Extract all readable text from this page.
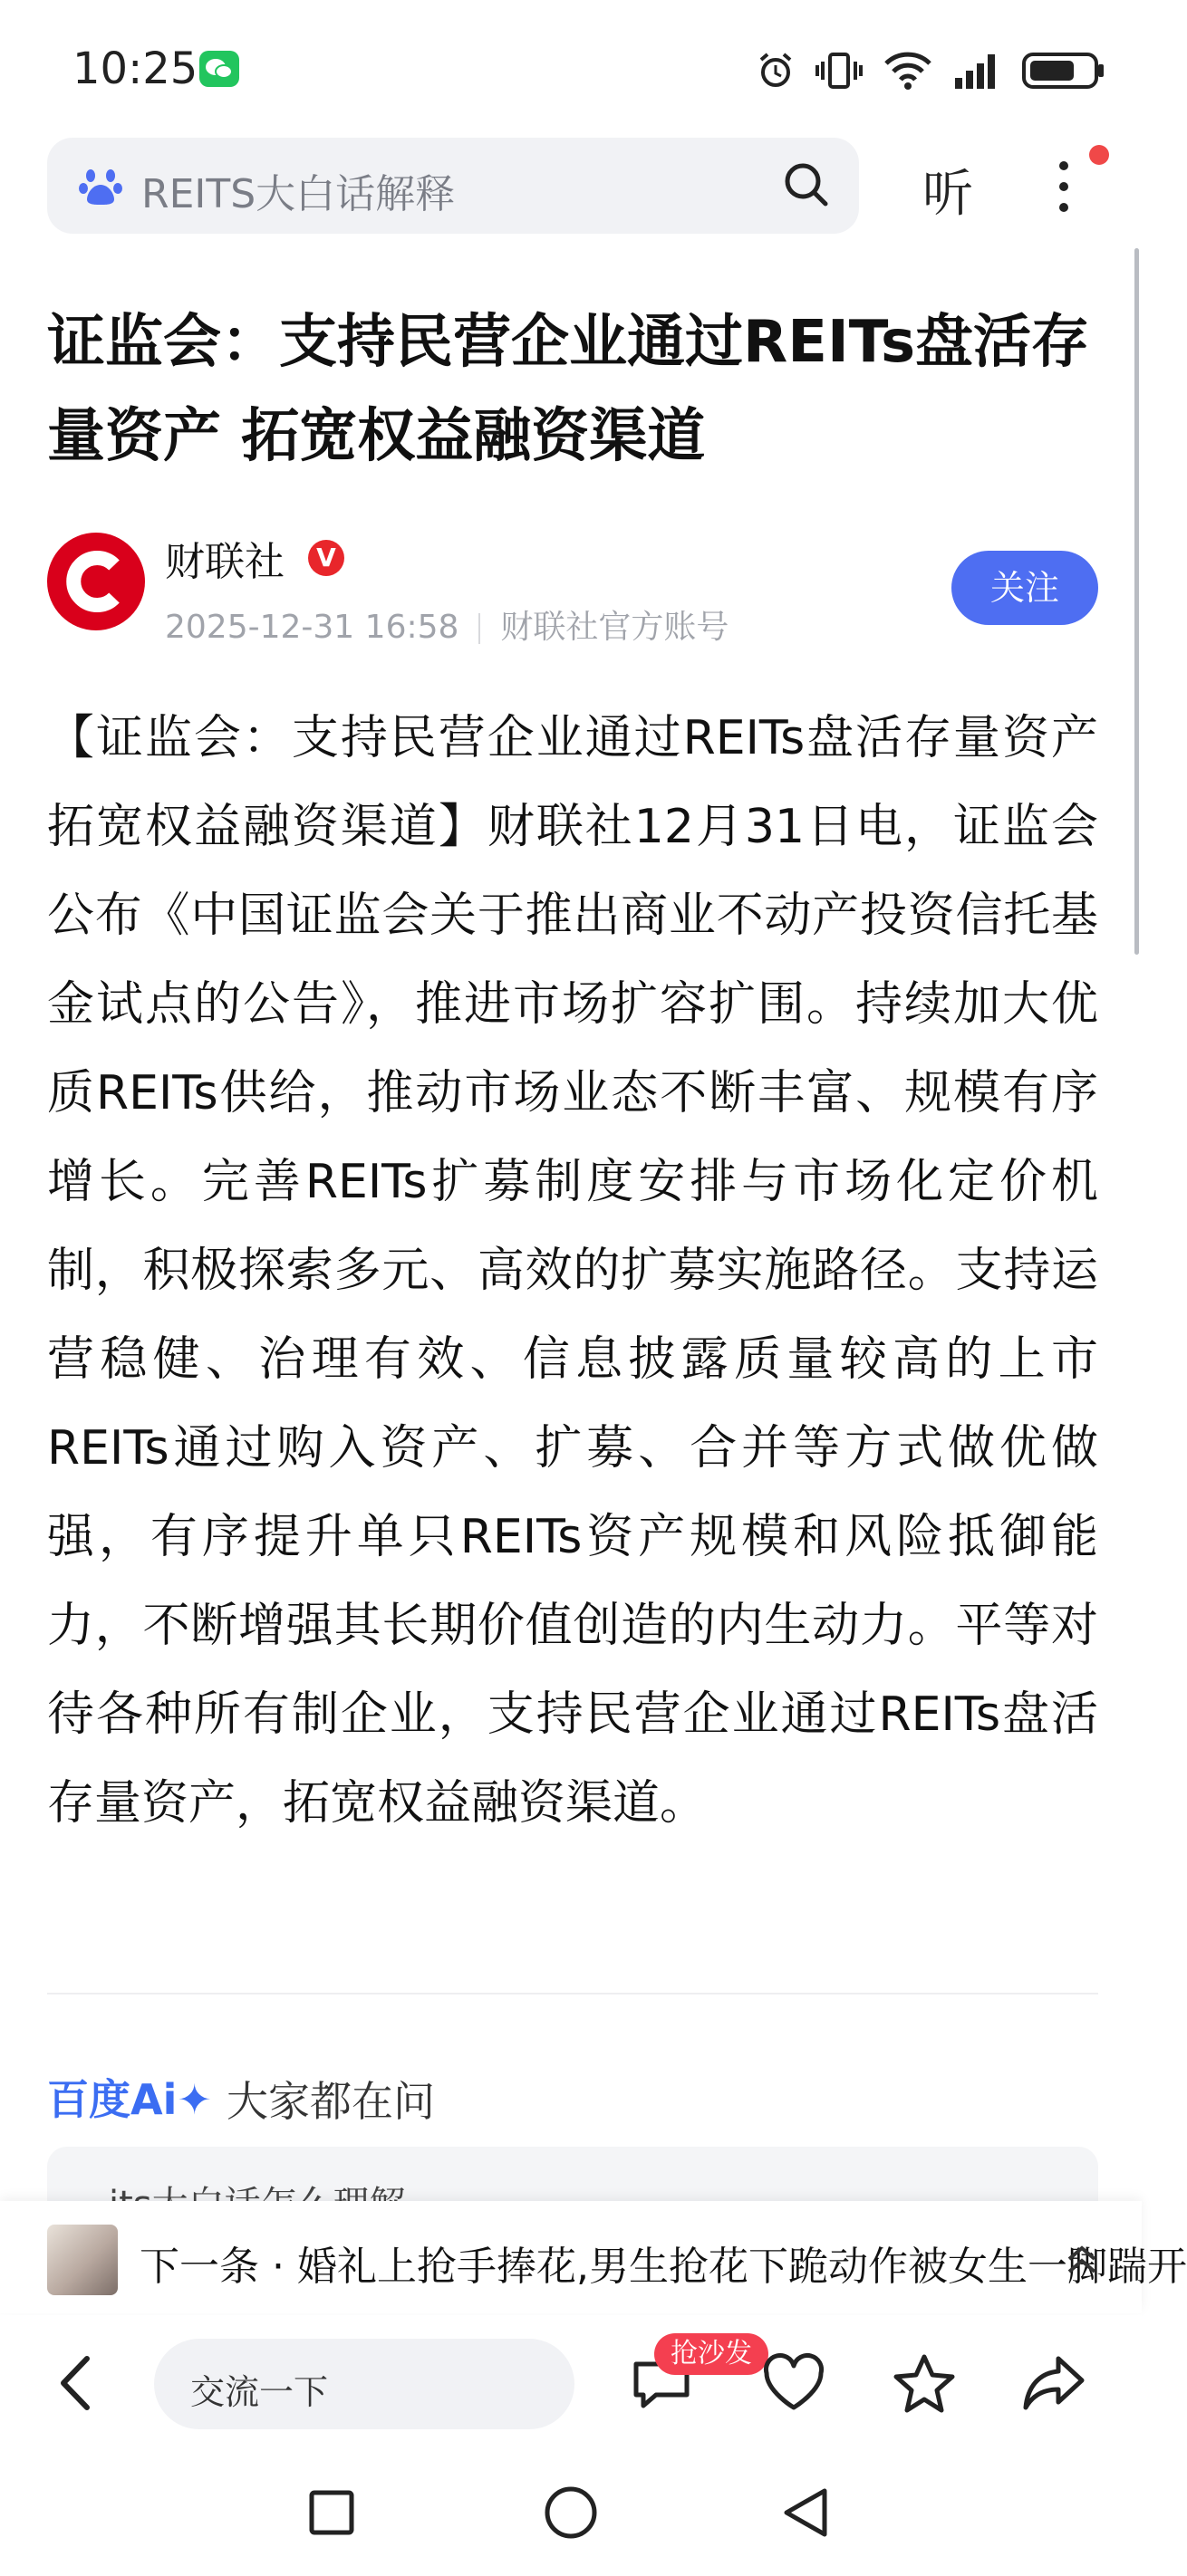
10:25
REITS大白话解释	听
证监会：支持民营企业通过REITs盘活存量资产 拓宽权益融资渠道
财联社	V
2025-12-31 16:58 财联社官方账号
关注
【证监会：支持民营企业通过REITs盘活存量资产 拓宽权益融资渠道】财联社12月31日电，证监会公布《中国证监会关于推出商业不动产投资信托基金试点的公告》，推进市场扩容扩围。持续加大优质REITs供给，推动市场业态不断丰富、规模有序增长。完善REITs扩募制度安排与市场化定价机制，积极探索多元、高效的扩募实施路径。支持运营稳健、治理有效、信息披露质量较高的上市REITs通过购入资产、扩募、合并等方式做优做强，有序提升单只REITs资产规模和风险抵御能力，不断增强其长期价值创造的内生动力。平等对待各种所有制企业，支持民营企业通过REITs盘活存量资产，拓宽权益融资渠道。
百度Ai✦ 大家都在问
下一条 · 婚礼上抢手捧花,男生抢花下跪动作被女生一脚踹开
交流一下
抢沙发
